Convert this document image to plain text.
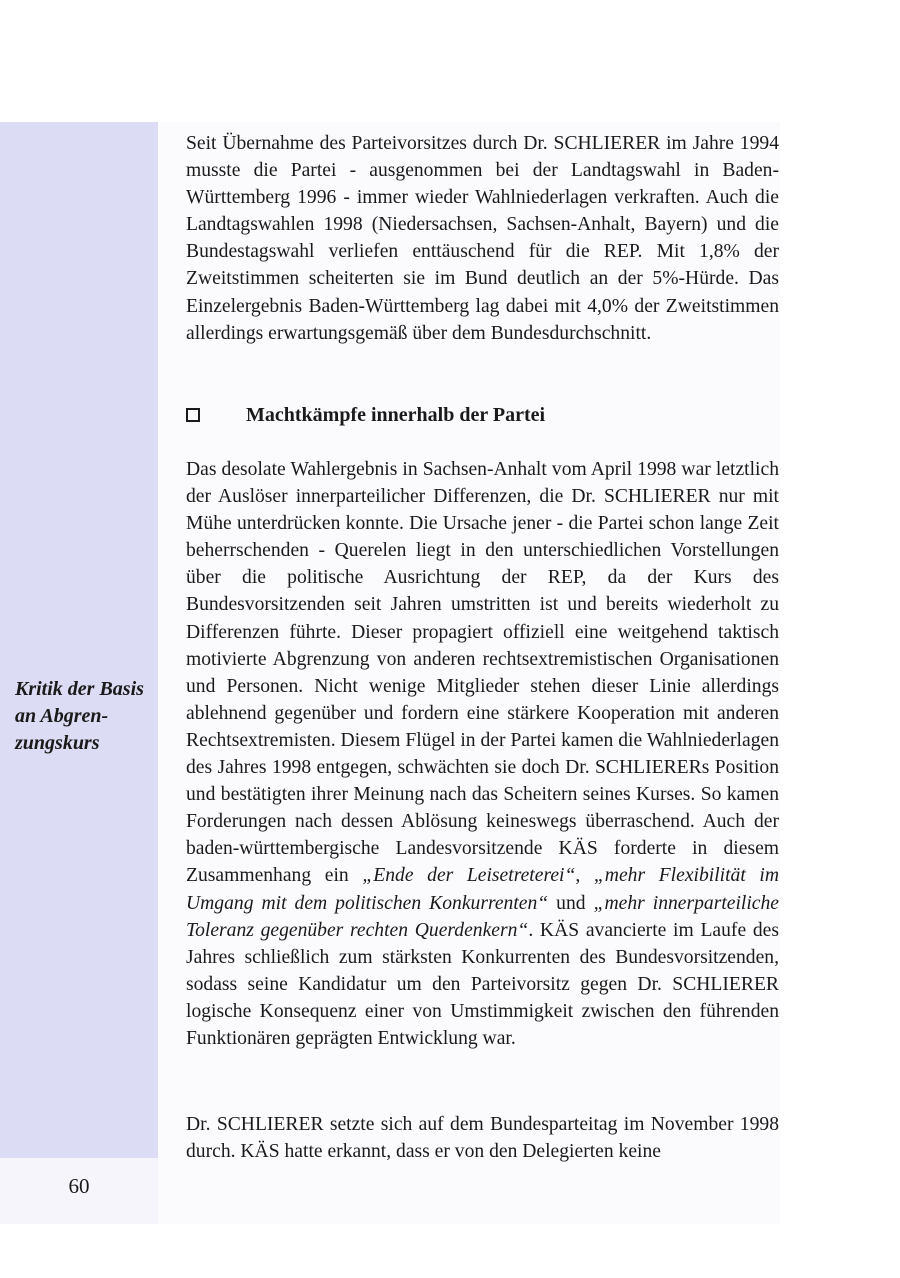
Kritik der Basis an Abgrenzungskurs

60

Seit Übernahme des Parteivorsitzes durch Dr. SCHLIERER im Jahre 1994 musste die Partei - ausgenommen bei der Landtagswahl in Baden-Württemberg 1996 - immer wieder Wahlniederlagen verkraften. Auch die Landtagswahlen 1998 (Niedersachsen, Sachsen-Anhalt, Bayern) und die Bundestagswahl verliefen enttäuschend für die REP. Mit 1,8% der Zweitstimmen scheiterten sie im Bund deutlich an der 5%-Hürde. Das Einzelergebnis Baden-Württemberg lag dabei mit 4,0% der Zweitstimmen allerdings erwartungsgemäß über dem Bundesdurchschnitt.

Machtkämpfe innerhalb der Partei

Das desolate Wahlergebnis in Sachsen-Anhalt vom April 1998 war letztlich der Auslöser innerparteilicher Differenzen, die Dr. SCHLIERER nur mit Mühe unterdrücken konnte. Die Ursache jener - die Partei schon lange Zeit beherrschenden - Querelen liegt in den unterschiedlichen Vorstellungen über die politische Ausrichtung der REP, da der Kurs des Bundesvorsitzenden seit Jahren umstritten ist und bereits wiederholt zu Differenzen führte. Dieser propagiert offiziell eine weitgehend taktisch motivierte Abgrenzung von anderen rechtsextremistischen Organisationen und Personen. Nicht wenige Mitglieder stehen dieser Linie allerdings ablehnend gegenüber und fordern eine stärkere Kooperation mit anderen Rechtsextremisten. Diesem Flügel in der Partei kamen die Wahlniederlagen des Jahres 1998 entgegen, schwächten sie doch Dr. SCHLIERERs Position und bestätigten ihrer Meinung nach das Scheitern seines Kurses. So kamen Forderungen nach dessen Ablösung keineswegs überraschend. Auch der baden-württembergische Landesvorsitzende KÄS forderte in diesem Zusammenhang ein „Ende der Leisetreterei“, „mehr Flexibilität im Umgang mit dem politischen Konkurrenten“ und „mehr innerparteiliche Toleranz gegenüber rechten Querdenkern“. KÄS avancierte im Laufe des Jahres schließlich zum stärksten Konkurrenten des Bundesvorsitzenden, sodass seine Kandidatur um den Parteivorsitz gegen Dr. SCHLIERER logische Konsequenz einer von Umstimmigkeit zwischen den führenden Funktionären geprägten Entwicklung war.

Dr. SCHLIERER setzte sich auf dem Bundesparteitag im November 1998 durch. KÄS hatte erkannt, dass er von den Delegierten keine
